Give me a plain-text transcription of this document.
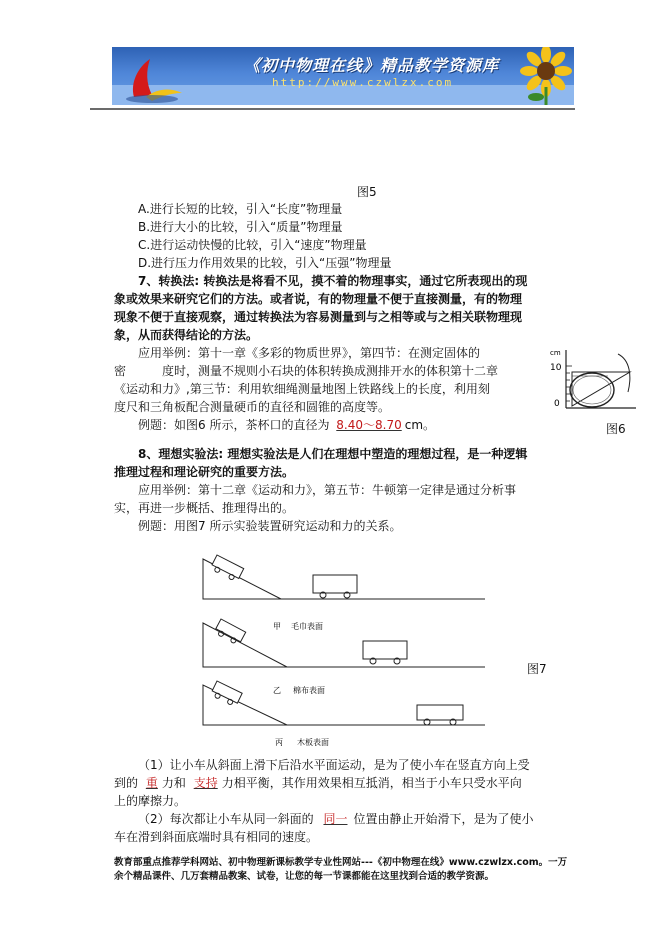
《初中物理在线》精品教学资源库
http://www.czwlzx.com
图5
A.进行长短的比较，引入“长度”物理量
B.进行大小的比较，引入“质量”物理量
C.进行运动快慢的比较，引入“速度”物理量
D.进行压力作用效果的比较，引入“压强”物理量
7、转换法: 转换法是将看不见，摸不着的物理事实，通过它所表现出的现
象或效果来研究它们的方法。或者说，有的物理量不便于直接测量，有的物理
现象不便于直接观察，通过转换法为容易测量到与之相等或与之相关联物理现
象，从而获得结论的方法。
应用举例：第十一章《多彩的物质世界》，第四节：在测定固体的
密	度时，测量不规则小石块的体积转换成测排开水的体积第十二章
《运动和力》,第三节：利用软细绳测量地图上铁路线上的长度，利用刻
度尺和三角板配合测量硬币的直径和圆锥的高度等。
例题：如图6 所示，茶杯口的直径为 8.40～8.70 cm。
cm
10
0
图6
8、理想实验法: 理想实验法是人们在理想中塑造的理想过程，是一种逻辑
推理过程和理论研究的重要方法。
应用举例：第十二章《运动和力》，第五节：牛顿第一定律是通过分析事
实，再进一步概括、推理得出的。
例题：用图7 所示实验装置研究运动和力的关系。
甲 毛巾表面
乙 棉布表面
丙 木板表面
图7
（1）让小车从斜面上滑下后沿水平面运动，是为了使小车在竖直方向上受
到的 重 力和 支持 力相平衡，其作用效果相互抵消，相当于小车只受水平向
上的摩擦力。
（2）每次都让小车从同一斜面的 同一 位置由静止开始滑下，是为了使小
车在滑到斜面底端时具有相同的速度。
教育部重点推荐学科网站、初中物理新课标教学专业性网站---《初中物理在线》www.czwlzx.com。一万余个精品课件、几万套精品教案、试卷，让您的每一节课都能在这里找到合适的教学资源。
